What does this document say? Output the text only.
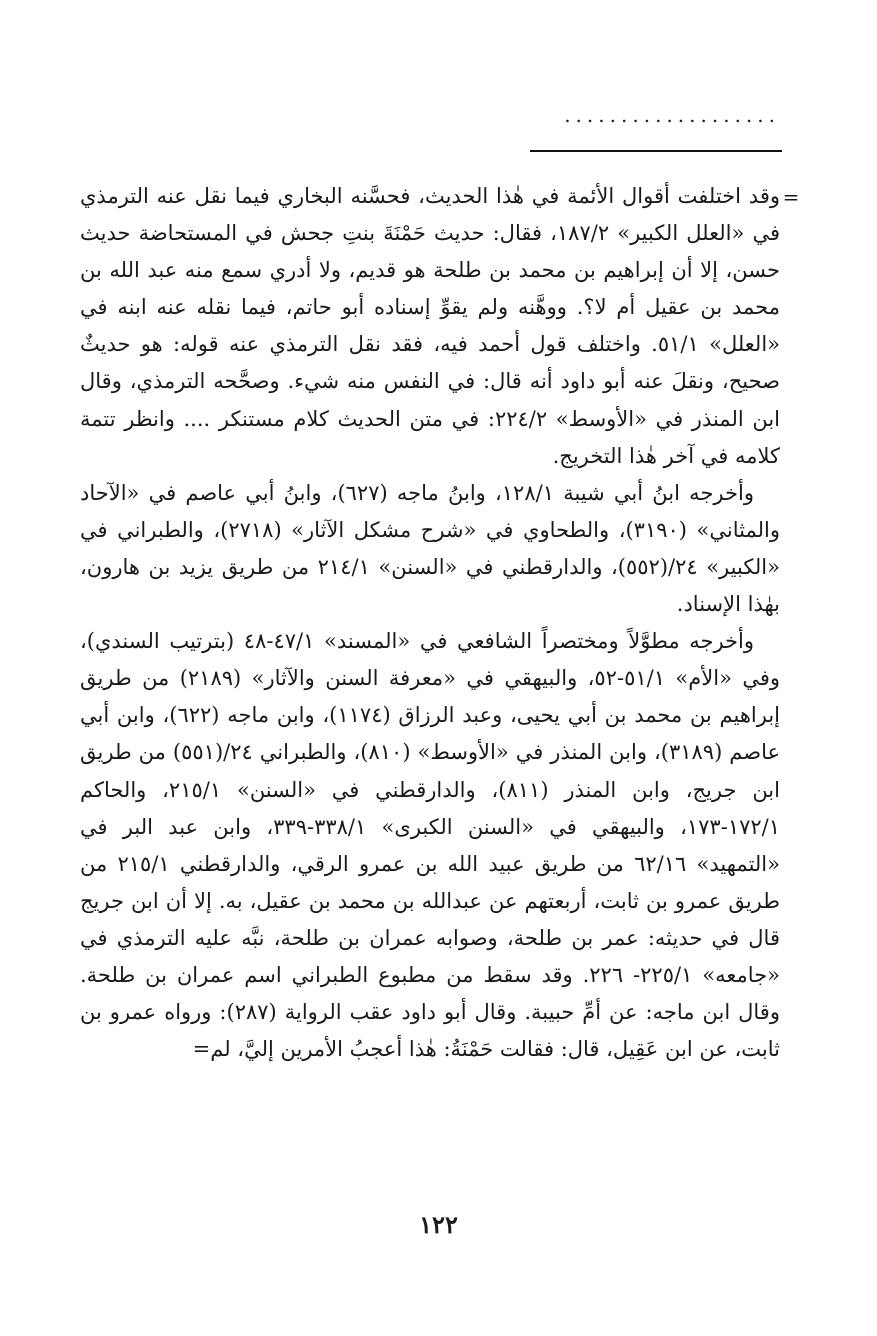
...................
=

وقد اختلفت أقوال الأئمة في هٰذا الحديث، فحسَّنه البخاري فيما نقل عنه الترمذي في «العلل الكبير» ١٨٧/٢، فقال: حديث حَمْنَةَ بنتِ جحش في المستحاضة حديث حسن، إلا أن إبراهيم بن محمد بن طلحة هو قديم، ولا أدري سمع منه عبد الله بن محمد بن عقيل أم لا؟. ووهَّنه ولم يقوِّ إسناده أبو حاتم، فيما نقله عنه ابنه في «العلل» ٥١/١. واختلف قول أحمد فيه، فقد نقل الترمذي عنه قوله: هو حديثٌ صحيح، ونقلَ عنه أبو داود أنه قال: في النفس منه شيء. وصحَّحه الترمذي، وقال ابن المنذر في «الأوسط» ٢٢٤/٢: في متن الحديث كلام مستنكر .... وانظر تتمة كلامه في آخر هٰذا التخريج.

وأخرجه ابنُ أبي شيبة ١٢٨/١، وابنُ ماجه (٦٢٧)، وابنُ أبي عاصم في «الآحاد والمثاني» (٣١٩٠)، والطحاوي في «شرح مشكل الآثار» (٢٧١٨)، والطبراني في «الكبير» ٢٤/(٥٥٢)، والدارقطني في «السنن» ٢١٤/١ من طريق يزيد بن هارون، بهٰذا الإسناد.

وأخرجه مطوَّلاً ومختصراً الشافعي في «المسند» ٤٧/١-٤٨ (بترتيب السندي)، وفي «الأم» ٥١/١-٥٢، والبيهقي في «معرفة السنن والآثار» (٢١٨٩) من طريق إبراهيم بن محمد بن أبي يحيى، وعبد الرزاق (١١٧٤)، وابن ماجه (٦٢٢)، وابن أبي عاصم (٣١٨٩)، وابن المنذر في «الأوسط» (٨١٠)، والطبراني ٢٤/(٥٥١) من طريق ابن جريج، وابن المنذر (٨١١)، والدارقطني في «السنن» ٢١٥/١، والحاكم ١٧٢/١-١٧٣، والبيهقي في «السنن الكبرى» ٣٣٨/١-٣٣٩، وابن عبد البر في «التمهيد» ٦٢/١٦ من طريق عبيد الله بن عمرو الرقي، والدارقطني ٢١٥/١ من طريق عمرو بن ثابت، أربعتهم عن عبدالله بن محمد بن عقيل، به. إلا أن ابن جريج قال في حديثه: عمر بن طلحة، وصوابه عمران بن طلحة، نبَّه عليه الترمذي في «جامعه» ٢٢٥/١- ٢٢٦. وقد سقط من مطبوع الطبراني اسم عمران بن طلحة. وقال ابن ماجه: عن أمِّ حبيبة. وقال أبو داود عقب الرواية (٢٨٧): ورواه عمرو بن ثابت، عن ابن عَقِيل، قال: فقالت حَمْنَةُ: هٰذا أعجبُ الأمرين إليَّ، لم=

١٢٢
